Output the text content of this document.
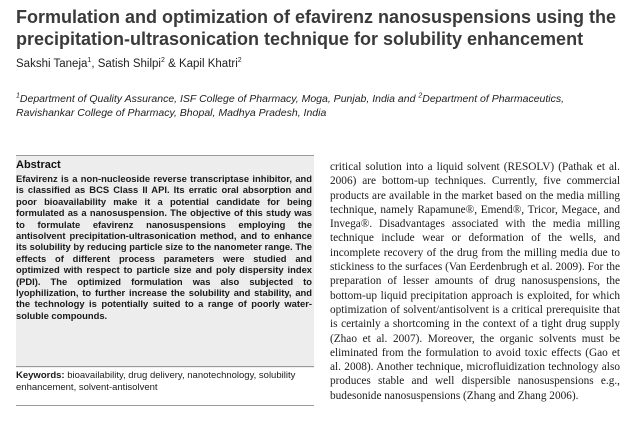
Formulation and optimization of efavirenz nanosuspensions using the precipitation-ultrasonication technique for solubility enhancement
Sakshi Taneja$^1$, Satish Shilpi$^2$ & Kapil Khatri$^2$
$^1$Department of Quality Assurance, ISF College of Pharmacy, Moga, Punjab, India and $^2$Department of Pharmaceutics, Ravishankar College of Pharmacy, Bhopal, Madhya Pradesh, India
Abstract
Efavirenz is a non-nucleoside reverse transcriptase inhibitor, and is classified as BCS Class II API. Its erratic oral absorption and poor bioavailability make it a potential candidate for being formulated as a nanosuspension. The objective of this study was to formulate efavirenz nanosuspensions employing the antisolvent precipitation-ultrasonication method, and to enhance its solubility by reducing particle size to the nanometer range. The effects of different process parameters were studied and optimized with respect to particle size and poly dispersity index (PDI). The optimized formulation was also subjected to lyophilization, to further increase the solubility and stability, and the technology is potentially suited to a range of poorly water-soluble compounds.
Keywords: bioavailability, drug delivery, nanotechnology, solubility enhancement, solvent-antisolvent
critical solution into a liquid solvent (RESOLV) (Pathak et al. 2006) are bottom-up techniques. Currently, five commercial products are available in the market based on the media milling technique, namely Rapamune®, Emend®, Tricor, Megace, and Invega®. Disadvantages associated with the media milling technique include wear or deformation of the wells, and incomplete recovery of the drug from the milling media due to stickiness to the surfaces (Van Eerdenbrugh et al. 2009). For the preparation of lesser amounts of drug nanosuspensions, the bottom-up liquid precipitation approach is exploited, for which optimization of solvent/antisolvent is a critical prerequisite that is certainly a shortcoming in the context of a tight drug supply (Zhao et al. 2007). Moreover, the organic solvents must be eliminated from the formulation to avoid toxic effects (Gao et al. 2008). Another technique, microfluidization technology also produces stable and well dispersible nanosuspensions e.g., budesonide nanosuspensions (Zhang and Zhang 2006).
